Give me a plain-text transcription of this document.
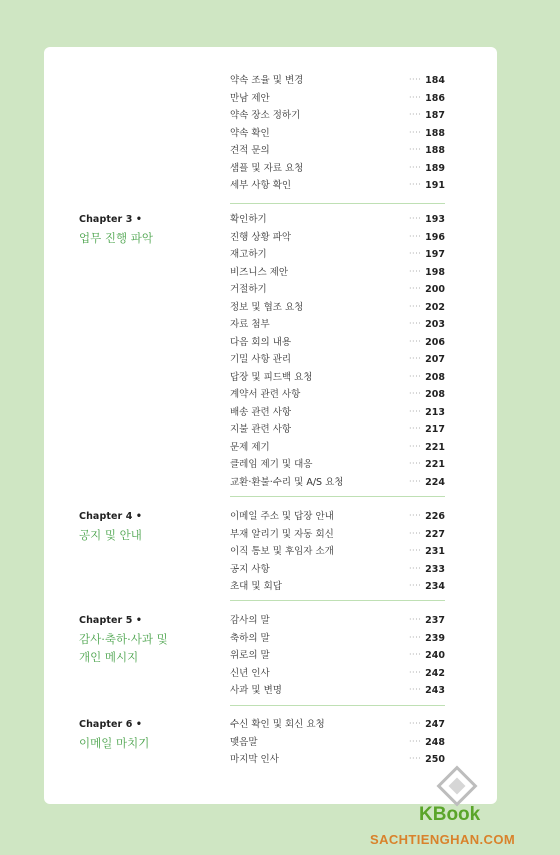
약속 조율 및 변경	···· 184
만남 제안	···· 186
약속 장소 정하기	···· 187
약속 확인	···· 188
견적 문의	···· 188
샘플 및 자료 요청	···· 189
세부 사항 확인	···· 191
Chapter 3 •
업무 진행 파악
확인하기	···· 193
진행 상황 파악	···· 196
재고하기	···· 197
비즈니스 제안	···· 198
거절하기	···· 200
정보 및 협조 요청	···· 202
자료 첨부	···· 203
다음 회의 내용	···· 206
기밀 사항 관리	···· 207
답장 및 피드백 요청	···· 208
계약서 관련 사항	···· 208
배송 관련 사항	···· 213
지불 관련 사항	···· 217
문제 제기	···· 221
클레임 제기 및 대응	···· 221
교환·환불·수리 및 A/S 요청	···· 224
Chapter 4 •
공지 및 안내
이메일 주소 및 답장 안내	···· 226
부재 알리기 및 자동 회신	···· 227
이직 통보 및 후임자 소개	···· 231
공지 사항	···· 233
초대 및 회답	···· 234
Chapter 5 •
감사·축하·사과 및
개인 메시지
감사의 말	···· 237
축하의 말	···· 239
위로의 말	···· 240
신년 인사	···· 242
사과 및 변명	···· 243
Chapter 6 •
이메일 마치기
수신 확인 및 회신 요청	···· 247
맺음말	···· 248
마지막 인사	···· 250
KBook
SACHTIENGHAN.COM
